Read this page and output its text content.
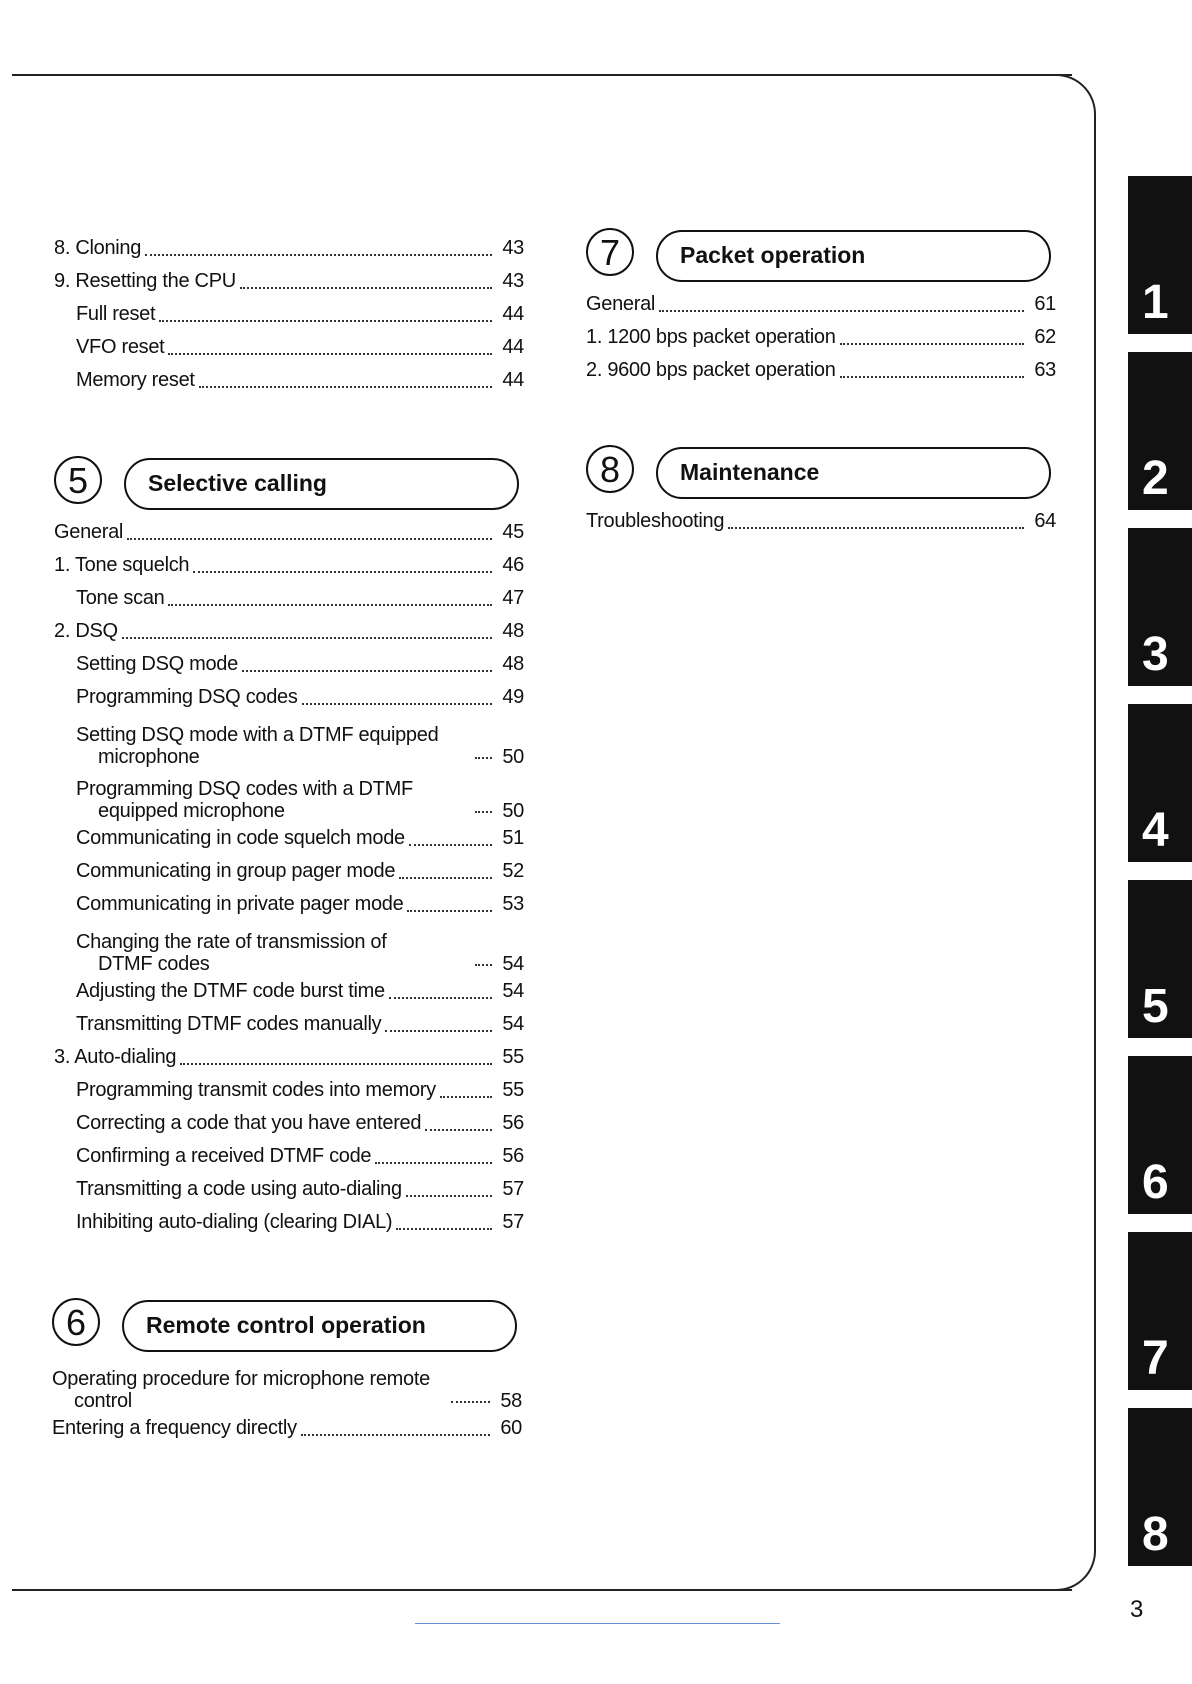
3
8. Cloning	43
9. Resetting the CPU	43
Full reset	44
VFO reset	44
Memory reset	44
5	Selective calling
General	45
1. Tone squelch	46
Tone scan	47
2. DSQ	48
Setting DSQ mode	48
Programming DSQ codes	49
Setting DSQ mode with a DTMF equipped
microphone	50
Programming DSQ codes with a DTMF
equipped microphone	50
Communicating in code squelch mode	51
Communicating in group pager mode	52
Communicating in private pager mode	53
Changing the rate of transmission of
DTMF codes	54
Adjusting the DTMF code burst time	54
Transmitting DTMF codes manually	54
3. Auto-dialing	55
Programming transmit codes into memory	55
Correcting a code that you have entered	56
Confirming a received DTMF code	56
Transmitting a code using auto-dialing	57
Inhibiting auto-dialing (clearing DIAL)	57
6	Remote control operation
Operating procedure for microphone remote
control	58
Entering a frequency directly	60
7	Packet operation
General	61
1. 1200 bps packet operation	62
2. 9600 bps packet operation	63
8	Maintenance
Troubleshooting	64
1
2
3
4
5
6
7
8
